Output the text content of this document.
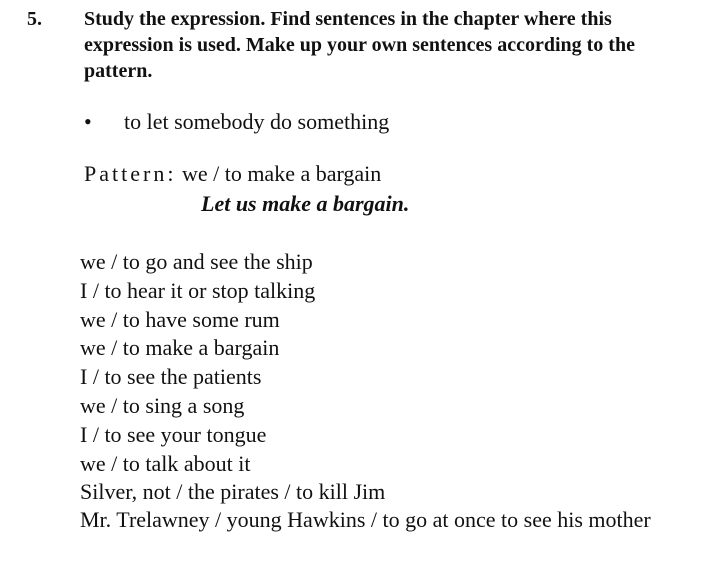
5. Study the expression. Find sentences in the chapter where this expression is used. Make up your own sentences according to the pattern.

• to let somebody do something
Pattern: we / to make a bargain
Let us make a bargain.
we / to go and see the ship
I / to hear it or stop talking
we / to have some rum
we / to make a bargain
I / to see the patients
we / to sing a song
I / to see your tongue
we / to talk about it
Silver, not / the pirates / to kill Jim
Mr. Trelawney / young Hawkins / to go at once to see his mother
